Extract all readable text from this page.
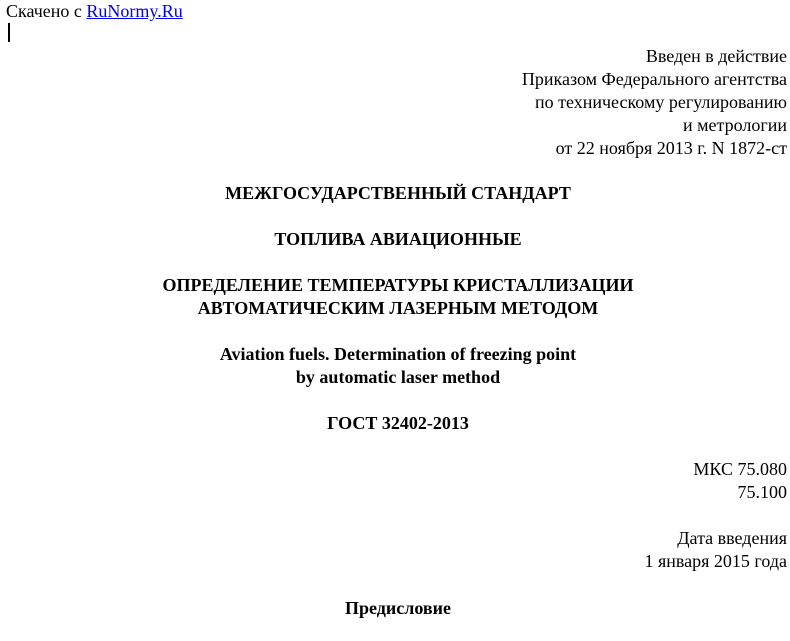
Скачено с RuNormy.Ru
Введен в действие
Приказом Федерального агентства
по техническому регулированию
и метрологии
от 22 ноября 2013 г. N 1872-ст
МЕЖГОСУДАРСТВЕННЫЙ СТАНДАРТ
ТОПЛИВА АВИАЦИОННЫЕ
ОПРЕДЕЛЕНИЕ ТЕМПЕРАТУРЫ КРИСТАЛЛИЗАЦИИ
АВТОМАТИЧЕСКИМ ЛАЗЕРНЫМ МЕТОДОМ
Aviation fuels. Determination of freezing point
by automatic laser method
ГОСТ 32402-2013
МКС 75.080
75.100
Дата введения
1 января 2015 года
Предисловие
